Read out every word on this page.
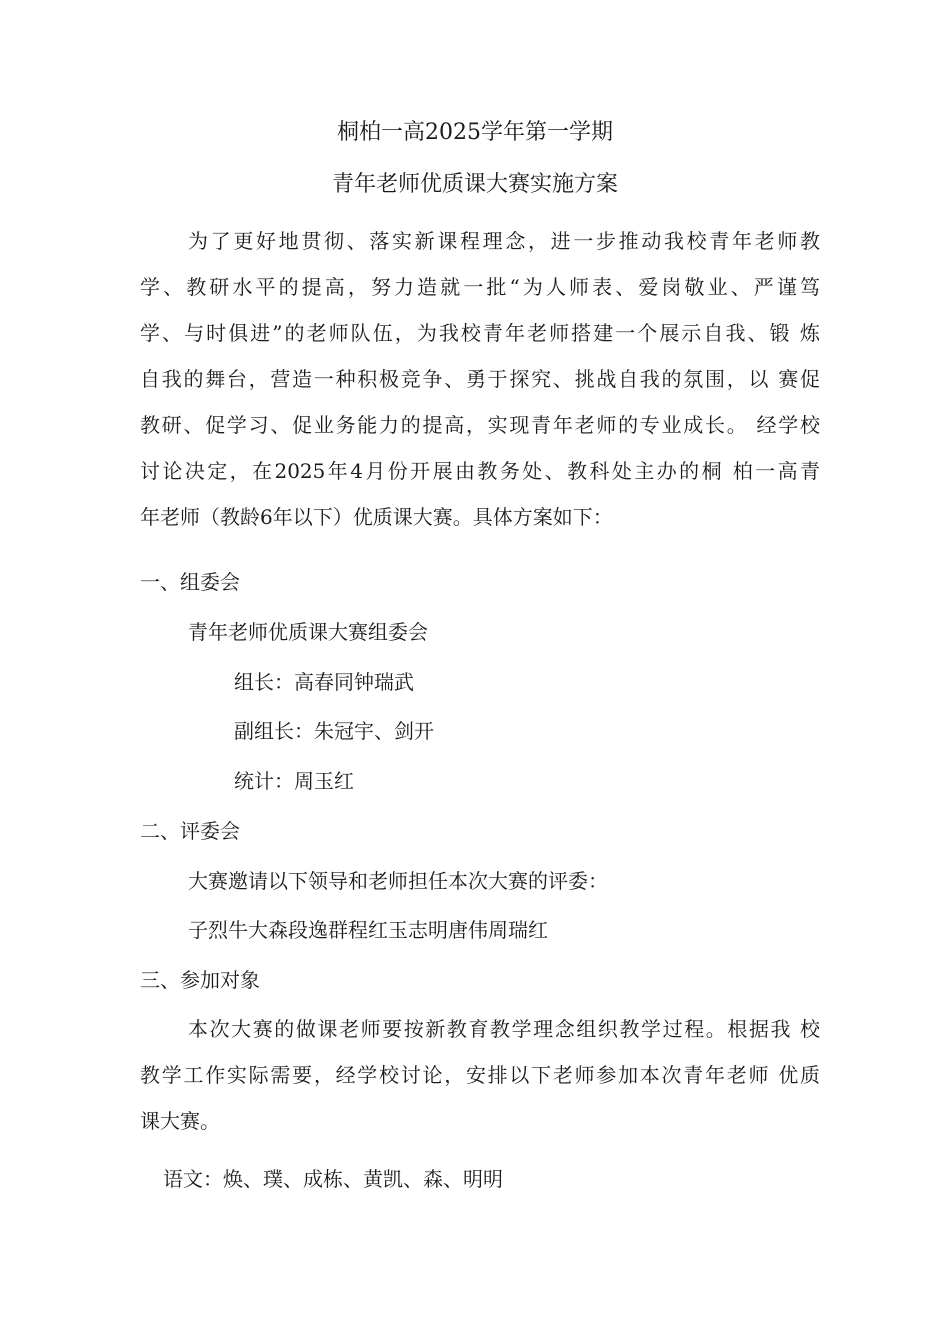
桐柏一高2025学年第一学期
青年老师优质课大赛实施方案
为了更好地贯彻、落实新课程理念，进一步推动我校青年老师教
学、教研水平的提高，努力造就一批“为人师表、爱岗敬业、严谨笃
学、与时俱进”的老师队伍，为我校青年老师搭建一个展示自我、锻 炼
自我的舞台，营造一种积极竞争、勇于探究、挑战自我的氛围，以 赛促
教研、促学习、促业务能力的提高，实现青年老师的专业成长。 经学校
讨论决定，在2025年4月份开展由教务处、教科处主办的桐 柏一高青
年老师（教龄6年以下）优质课大赛。具体方案如下：
一、组委会
青年老师优质课大赛组委会
组长：高春同钟瑞武
副组长：朱冠宇、剑开
统计：周玉红
二、评委会
大赛邀请以下领导和老师担任本次大赛的评委：
子烈牛大森段逸群程红玉志明唐伟周瑞红
三、参加对象
本次大赛的做课老师要按新教育教学理念组织教学过程。根据我 校
教学工作实际需要，经学校讨论，安排以下老师参加本次青年老师 优质
课大赛。
语文：焕、璞、成栋、黄凯、森、明明
